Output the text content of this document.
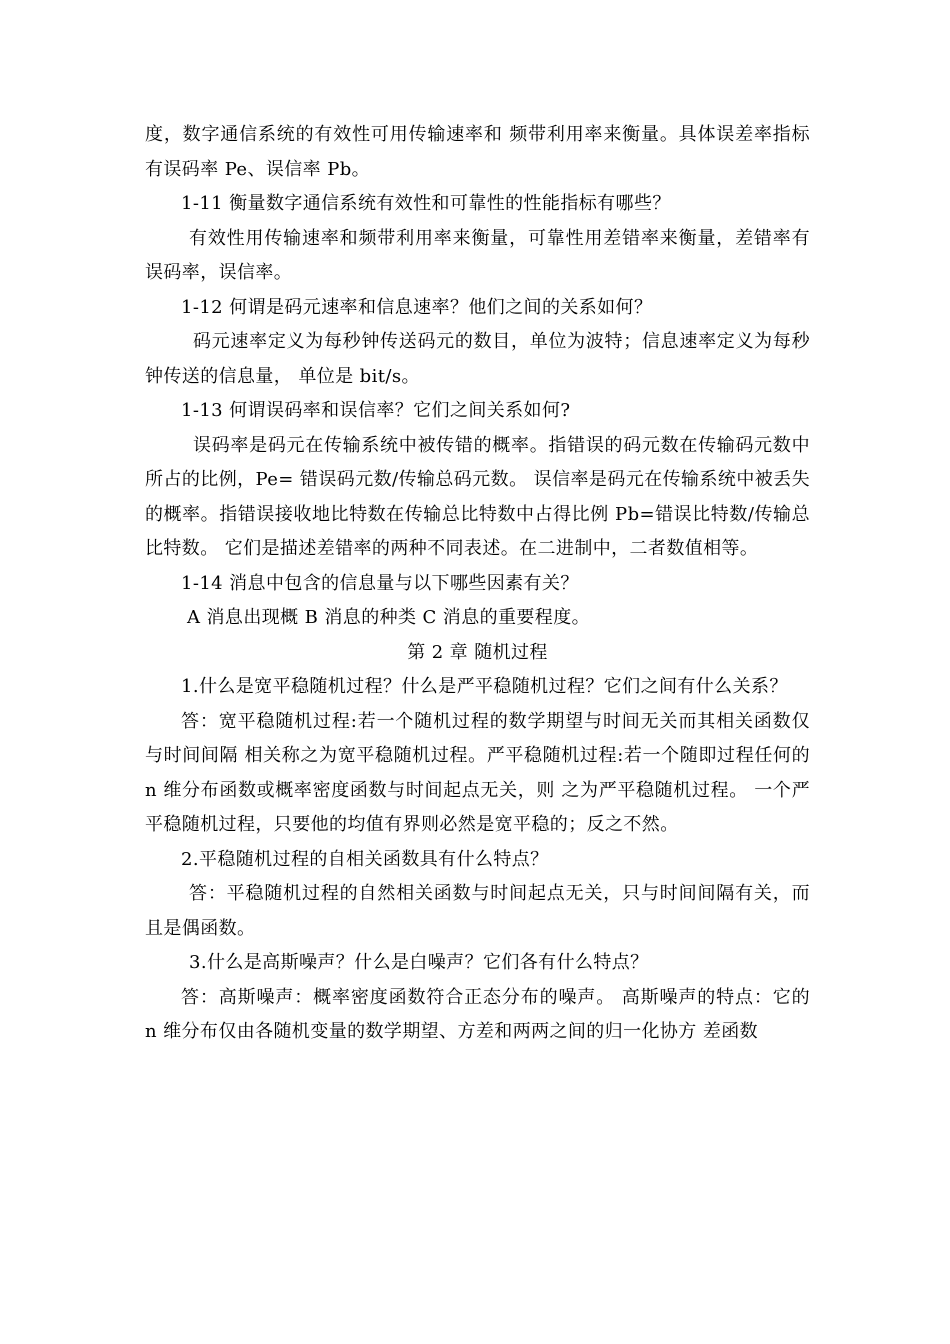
度，数字通信系统的有效性可用传输速率和 频带利用率来衡量。具体误差率指标有误码率 Pe、误信率 Pb。

1-11 衡量数字通信系统有效性和可靠性的性能指标有哪些？

有效性用传输速率和频带利用率来衡量，可靠性用差错率来衡量，差错率有误码率，误信率。

1-12 何谓是码元速率和信息速率？他们之间的关系如何？

码元速率定义为每秒钟传送码元的数目，单位为波特；信息速率定义为每秒钟传送的信息量， 单位是 bit/s。

1-13 何谓误码率和误信率？它们之间关系如何?

误码率是码元在传输系统中被传错的概率。指错误的码元数在传输码元数中所占的比例，Pe= 错误码元数/传输总码元数。 误信率是码元在传输系统中被丢失的概率。指错误接收地比特数在传输总比特数中占得比例 Pb=错误比特数/传输总比特数。 它们是描述差错率的两种不同表述。在二进制中，二者数值相等。

1-14 消息中包含的信息量与以下哪些因素有关？

A 消息出现概 B 消息的种类 C 消息的重要程度。

第 2 章 随机过程

1.什么是宽平稳随机过程？什么是严平稳随机过程？它们之间有什么关系？

答：宽平稳随机过程:若一个随机过程的数学期望与时间无关而其相关函数仅与时间间隔 相关称之为宽平稳随机过程。严平稳随机过程:若一个随即过程任何的 n 维分布函数或概率密度函数与时间起点无关，则 之为严平稳随机过程。 一个严平稳随机过程，只要他的均值有界则必然是宽平稳的；反之不然。

2.平稳随机过程的自相关函数具有什么特点？

答：平稳随机过程的自然相关函数与时间起点无关，只与时间间隔有关，而且是偶函数。

3.什么是高斯噪声？什么是白噪声？它们各有什么特点？

答：高斯噪声：概率密度函数符合正态分布的噪声。 高斯噪声的特点：它的 n 维分布仅由各随机变量的数学期望、方差和两两之间的归一化协方 差函数
